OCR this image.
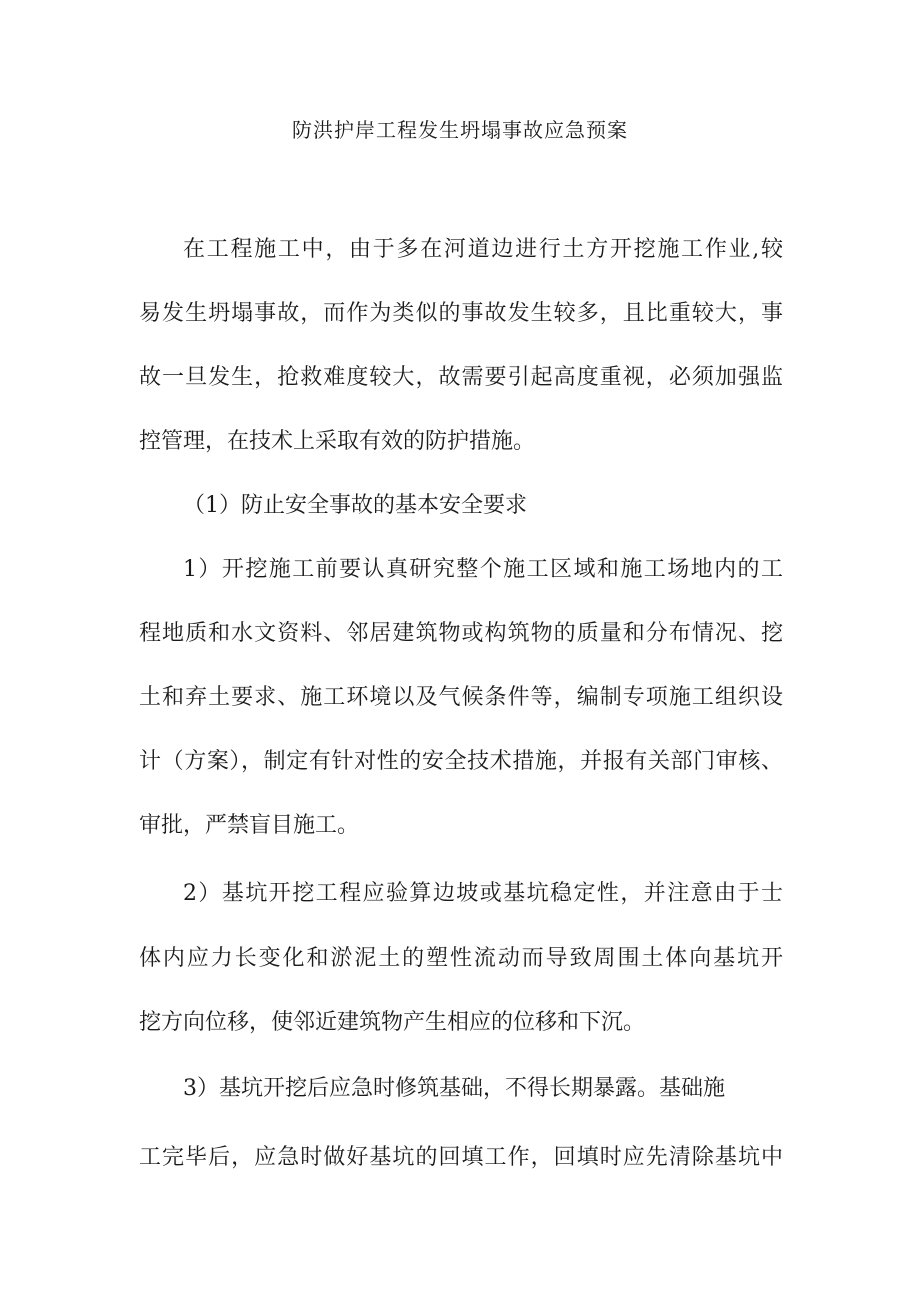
防洪护岸工程发生坍塌事故应急预案
在工程施工中，由于多在河道边进行土方开挖施工作业,较
易发生坍塌事故，而作为类似的事故发生较多，且比重较大，事
故一旦发生，抢救难度较大，故需要引起高度重视，必须加强监
控管理，在技术上采取有效的防护措施。
（1）防止安全事故的基本安全要求
1）开挖施工前要认真研究整个施工区域和施工场地内的工
程地质和水文资料、邻居建筑物或构筑物的质量和分布情况、挖
土和弃土要求、施工环境以及气候条件等，编制专项施工组织设
计（方案），制定有针对性的安全技术措施，并报有关部门审核、
审批，严禁盲目施工。
2）基坑开挖工程应验算边坡或基坑稳定性，并注意由于士
体内应力长变化和淤泥土的塑性流动而导致周围土体向基坑开
挖方向位移，使邻近建筑物产生相应的位移和下沉。
3）基坑开挖后应急时修筑基础，不得长期暴露。基础施
工完毕后，应急时做好基坑的回填工作，回填时应先清除基坑中
